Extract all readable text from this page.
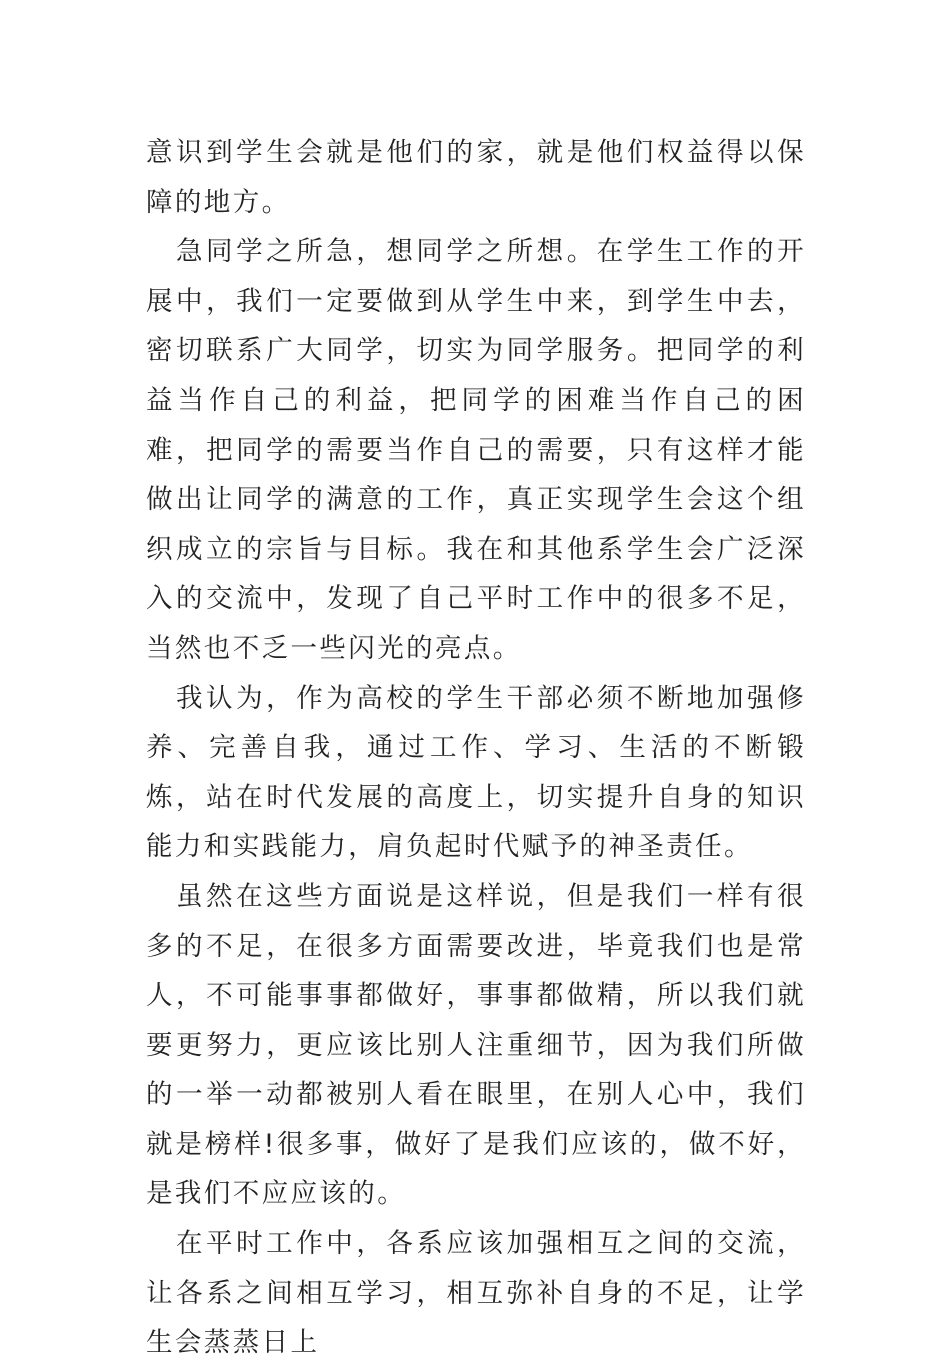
意识到学生会就是他们的家，就是他们权益得以保障的地方。

急同学之所急，想同学之所想。在学生工作的开展中，我们一定要做到从学生中来，到学生中去，密切联系广大同学，切实为同学服务。把同学的利益当作自己的利益，把同学的困难当作自己的困难，把同学的需要当作自己的需要，只有这样才能做出让同学的满意的工作，真正实现学生会这个组织成立的宗旨与目标。我在和其他系学生会广泛深入的交流中，发现了自己平时工作中的很多不足，当然也不乏一些闪光的亮点。

我认为，作为高校的学生干部必须不断地加强修养、完善自我，通过工作、学习、生活的不断锻炼，站在时代发展的高度上，切实提升自身的知识能力和实践能力，肩负起时代赋予的神圣责任。

虽然在这些方面说是这样说，但是我们一样有很多的不足，在很多方面需要改进，毕竟我们也是常人，不可能事事都做好，事事都做精，所以我们就要更努力，更应该比别人注重细节，因为我们所做的一举一动都被别人看在眼里，在别人心中，我们就是榜样!很多事，做好了是我们应该的，做不好，是我们不应应该的。

在平时工作中，各系应该加强相互之间的交流，让各系之间相互学习，相互弥补自身的不足，让学生会蒸蒸日上
